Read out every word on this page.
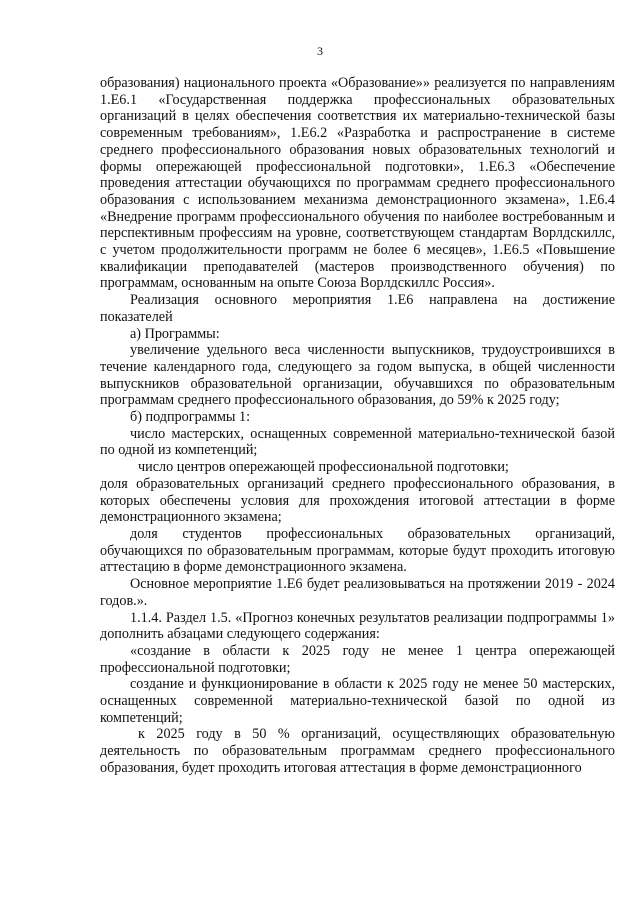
3

образования) национального проекта «Образование»» реализуется по направлениям 1.Е6.1 «Государственная поддержка профессиональных образовательных организаций в целях обеспечения соответствия их материально-технической базы современным требованиям», 1.Е6.2 «Разработка и распространение в системе среднего профессионального образования новых образовательных технологий и формы опережающей профессиональной подготовки», 1.Е6.3 «Обеспечение проведения аттестации обучающихся по программам среднего профессионального образования с использованием механизма демонстрационного экзамена», 1.Е6.4 «Внедрение программ профессионального обучения по наиболее востребованным и перспективным профессиям на уровне, соответствующем стандартам Ворлдскиллс, с учетом продолжительности программ не более 6 месяцев», 1.Е6.5 «Повышение квалификации преподавателей (мастеров производственного обучения) по программам, основанным на опыте Союза Ворлдскиллс Россия».

Реализация основного мероприятия 1.Е6 направлена на достижение показателей

а) Программы:

увеличение удельного веса численности выпускников, трудоустроившихся в течение календарного года, следующего за годом выпуска, в общей численности выпускников образовательной организации, обучавшихся по образовательным программам среднего профессионального образования, до 59% к 2025 году;

б) подпрограммы 1:

число мастерских, оснащенных современной материально-технической базой по одной из компетенций;

число центров опережающей профессиональной подготовки;

доля образовательных организаций среднего профессионального образования, в которых обеспечены условия для прохождения итоговой аттестации в форме демонстрационного экзамена;

доля студентов профессиональных образовательных организаций, обучающихся по образовательным программам, которые будут проходить итоговую аттестацию в форме демонстрационного экзамена.

Основное мероприятие 1.Е6 будет реализовываться на протяжении 2019 - 2024 годов.».

1.1.4. Раздел 1.5. «Прогноз конечных результатов реализации подпрограммы 1» дополнить абзацами следующего содержания:

«создание в области к 2025 году не менее 1 центра опережающей профессиональной подготовки;

создание и функционирование в области к 2025 году не менее 50 мастерских, оснащенных современной материально-технической базой по одной из компетенций;

к 2025 году в 50 % организаций, осуществляющих образовательную деятельность по образовательным программам среднего профессионального образования, будет проходить итоговая аттестация в форме демонстрационного
